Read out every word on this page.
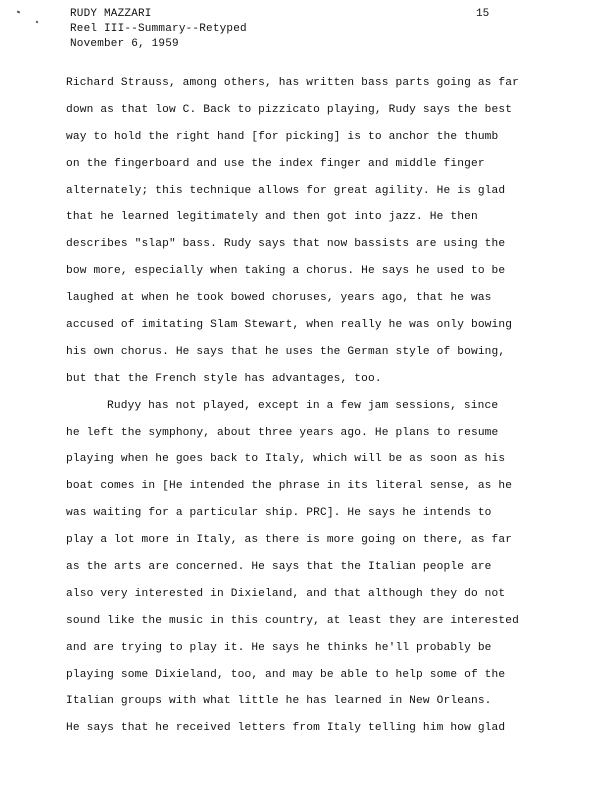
RUDY MAZZARI
Reel III--Summary--Retyped
November 6, 1959
15
Richard Strauss, among others, has written bass parts going as far
down as that low C. Back to pizzicato playing, Rudy says the best
way to hold the right hand [for picking] is to anchor the thumb
on the fingerboard and use the index finger and middle finger
alternately; this technique allows for great agility. He is glad
that he learned legitimately and then got into jazz. He then
describes "slap" bass. Rudy says that now bassists are using the
bow more, especially when taking a chorus. He says he used to be
laughed at when he took bowed choruses, years ago, that he was
accused of imitating Slam Stewart, when really he was only bowing
his own chorus. He says that he uses the German style of bowing,
but that the French style has advantages, too.
Rudyy has not played, except in a few jam sessions, since
he left the symphony, about three years ago. He plans to resume
playing when he goes back to Italy, which will be as soon as his
boat comes in [He intended the phrase in its literal sense, as he
was waiting for a particular ship. PRC]. He says he intends to
play a lot more in Italy, as there is more going on there, as far
as the arts are concerned. He says that the Italian people are
also very interested in Dixieland, and that although they do not
sound like the music in this country, at least they are interested
and are trying to play it. He says he thinks he'll probably be
playing some Dixieland, too, and may be able to help some of the
Italian groups with what little he has learned in New Orleans.
He says that he received letters from Italy telling him how glad
